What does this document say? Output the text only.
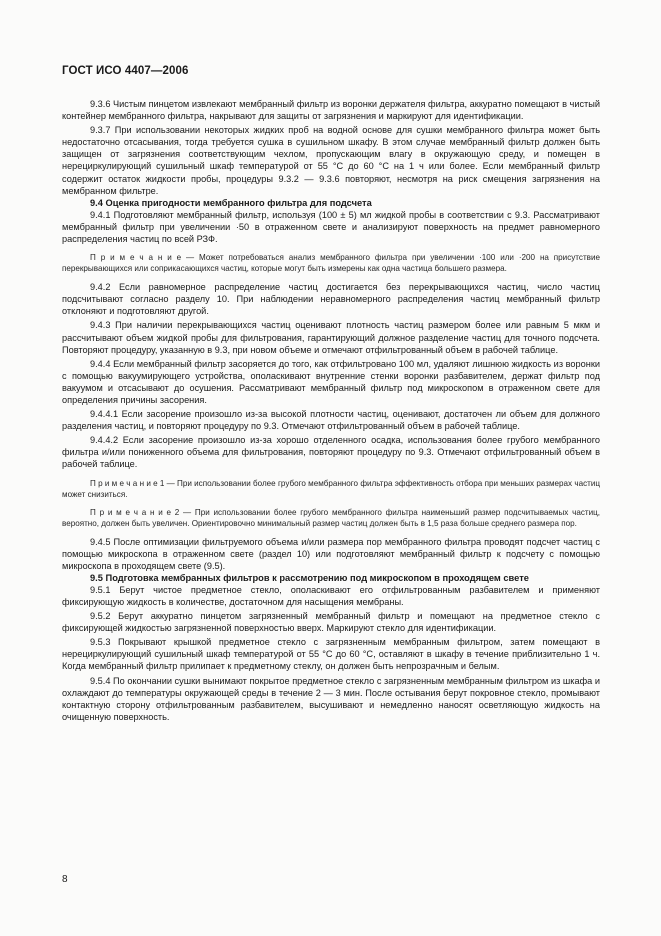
ГОСТ ИСО 4407—2006

9.3.6 Чистым пинцетом извлекают мембранный фильтр из воронки держателя фильтра, аккуратно помещают в чистый контейнер мембранного фильтра, накрывают для защиты от загрязнения и маркируют для идентификации.

9.3.7 При использовании некоторых жидких проб на водной основе для сушки мембранного фильтра может быть недостаточно отсасывания, тогда требуется сушка в сушильном шкафу. В этом случае мембранный фильтр должен быть защищен от загрязнения соответствующим чехлом, пропускающим влагу в окружающую среду, и помещен в нерециркулирующий сушильный шкаф температурой от 55 °С до 60 °С на 1 ч или более. Если мембранный фильтр содержит остаток жидкости пробы, процедуры 9.3.2 — 9.3.6 повторяют, несмотря на риск смещения загрязнения на мембранном фильтре.

9.4 Оценка пригодности мембранного фильтра для подсчета

9.4.1 Подготовляют мембранный фильтр, используя (100 ± 5) мл жидкой пробы в соответствии с 9.3. Рассматривают мембранный фильтр при увеличении ·50 в отраженном свете и анализируют поверхность на предмет равномерного распределения частиц по всей РЗФ.

П р и м е ч а н и е — Может потребоваться анализ мембранного фильтра при увеличении ·100 или ·200 на присутствие перекрывающихся или соприкасающихся частиц, которые могут быть измерены как одна частица большего размера.

9.4.2 Если равномерное распределение частиц достигается без перекрывающихся частиц, число частиц подсчитывают согласно разделу 10. При наблюдении неравномерного распределения частиц мембранный фильтр отклоняют и подготовляют другой.

9.4.3 При наличии перекрывающихся частиц оценивают плотность частиц размером более или равным 5 мкм и рассчитывают объем жидкой пробы для фильтрования, гарантирующий должное разделение частиц для точного подсчета. Повторяют процедуру, указанную в 9.3, при новом объеме и отмечают отфильтрованный объем в рабочей таблице.

9.4.4 Если мембранный фильтр засоряется до того, как отфильтровано 100 мл, удаляют лишнюю жидкость из воронки с помощью вакуумирующего устройства, ополаскивают внутренние стенки воронки разбавителем, держат фильтр под вакуумом и отсасывают до осушения. Рассматривают мембранный фильтр под микроскопом в отраженном свете для определения причины засорения.

9.4.4.1 Если засорение произошло из-за высокой плотности частиц, оценивают, достаточен ли объем для должного разделения частиц, и повторяют процедуру по 9.3. Отмечают отфильтрованный объем в рабочей таблице.

9.4.4.2 Если засорение произошло из-за хорошо отделенного осадка, использования более грубого мембранного фильтра и/или пониженного объема для фильтрования, повторяют процедуру по 9.3. Отмечают отфильтрованный объем в рабочей таблице.

П р и м е ч а н и е 1 — При использовании более грубого мембранного фильтра эффективность отбора при меньших размерах частиц может снизиться.

П р и м е ч а н и е 2 — При использовании более грубого мембранного фильтра наименьший размер подсчитываемых частиц, вероятно, должен быть увеличен. Ориентировочно минимальный размер частиц должен быть в 1,5 раза больше среднего размера пор.

9.4.5 После оптимизации фильтруемого объема и/или размера пор мембранного фильтра проводят подсчет частиц с помощью микроскопа в отраженном свете (раздел 10) или подготовляют мембранный фильтр к подсчету с помощью микроскопа в проходящем свете (9.5).

9.5 Подготовка мембранных фильтров к рассмотрению под микроскопом в проходящем свете

9.5.1 Берут чистое предметное стекло, ополаскивают его отфильтрованным разбавителем и применяют фиксирующую жидкость в количестве, достаточном для насыщения мембраны.

9.5.2 Берут аккуратно пинцетом загрязненный мембранный фильтр и помещают на предметное стекло с фиксирующей жидкостью загрязненной поверхностью вверх. Маркируют стекло для идентификации.

9.5.3 Покрывают крышкой предметное стекло с загрязненным мембранным фильтром, затем помещают в нерециркулирующий сушильный шкаф температурой от 55 °С до 60 °С, оставляют в шкафу в течение приблизительно 1 ч. Когда мембранный фильтр прилипает к предметному стеклу, он должен быть непрозрачным и белым.

9.5.4 По окончании сушки вынимают покрытое предметное стекло с загрязненным мембранным фильтром из шкафа и охлаждают до температуры окружающей среды в течение 2 — 3 мин. После остывания берут покровное стекло, промывают контактную сторону отфильтрованным разбавителем, высушивают и немедленно наносят осветляющую жидкость на очищенную поверхность.

8
